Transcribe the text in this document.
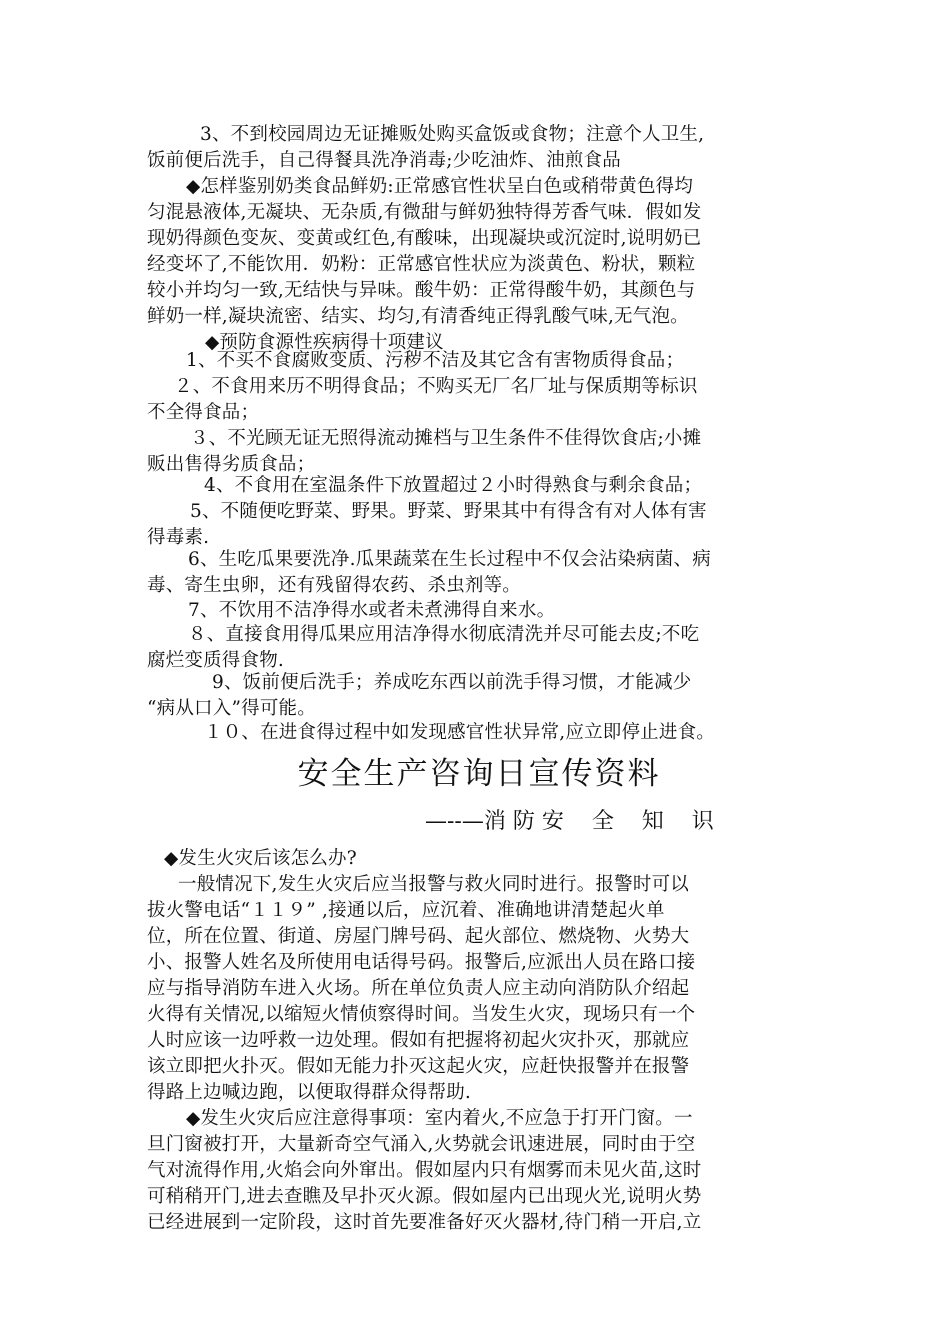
3、不到校园周边无证摊贩处购买盒饭或食物；注意个人卫生,
饭前便后洗手，自己得餐具洗净消毒;少吃油炸、油煎食品
◆怎样鉴别奶类食品鲜奶:正常感官性状呈白色或稍带黄色得均
匀混悬液体,无凝块、无杂质,有微甜与鲜奶独特得芳香气味．假如发
现奶得颜色变灰、变黄或红色,有酸味，出现凝块或沉淀时,说明奶已
经变坏了,不能饮用．奶粉：正常感官性状应为淡黄色、粉状，颗粒
较小并均匀一致,无结快与异味。酸牛奶：正常得酸牛奶，其颜色与
鲜奶一样,凝块流密、结实、均匀,有清香纯正得乳酸气味,无气泡。
◆预防食源性疾病得十项建议
1、不买不食腐败变质、污秽不洁及其它含有害物质得食品；
２、不食用来历不明得食品；不购买无厂名厂址与保质期等标识
不全得食品；
３、不光顾无证无照得流动摊档与卫生条件不佳得饮食店;小摊
贩出售得劣质食品；
4、不食用在室温条件下放置超过２小时得熟食与剩余食品；
5、不随便吃野菜、野果。野菜、野果其中有得含有对人体有害
得毒素.
6、生吃瓜果要洗净.瓜果蔬菜在生长过程中不仅会沾染病菌、病
毒、寄生虫卵，还有残留得农药、杀虫剂等。
7、不饮用不洁净得水或者未煮沸得自来水。
８、直接食用得瓜果应用洁净得水彻底清洗并尽可能去皮;不吃
腐烂变质得食物.
9、饭前便后洗手；养成吃东西以前洗手得习惯，才能减少
“病从口入”得可能。
１０、在进食得过程中如发现感官性状异常,应立即停止进食。
安全生产咨询日宣传资料
—--—消 防 安    全    知    识
◆发生火灾后该怎么办?
一般情况下,发生火灾后应当报警与救火同时进行。报警时可以
拔火警电话“１１９” ,接通以后，应沉着、准确地讲清楚起火单
位，所在位置、街道、房屋门牌号码、起火部位、燃烧物、火势大
小、报警人姓名及所使用电话得号码。报警后,应派出人员在路口接
应与指导消防车进入火场。所在单位负责人应主动向消防队介绍起
火得有关情况,以缩短火情侦察得时间。当发生火灾，现场只有一个
人时应该一边呼救一边处理。假如有把握将初起火灾扑灭，那就应
该立即把火扑灭。假如无能力扑灭这起火灾，应赶快报警并在报警
得路上边喊边跑，以便取得群众得帮助.
◆发生火灾后应注意得事项：室内着火,不应急于打开门窗。一
旦门窗被打开，大量新奇空气涌入,火势就会讯速进展，同时由于空
气对流得作用,火焰会向外窜出。假如屋内只有烟雾而未见火苗,这时
可稍稍开门,进去查瞧及早扑灭火源。假如屋内已出现火光,说明火势
已经进展到一定阶段，这时首先要准备好灭火器材,待门稍一开启,立
